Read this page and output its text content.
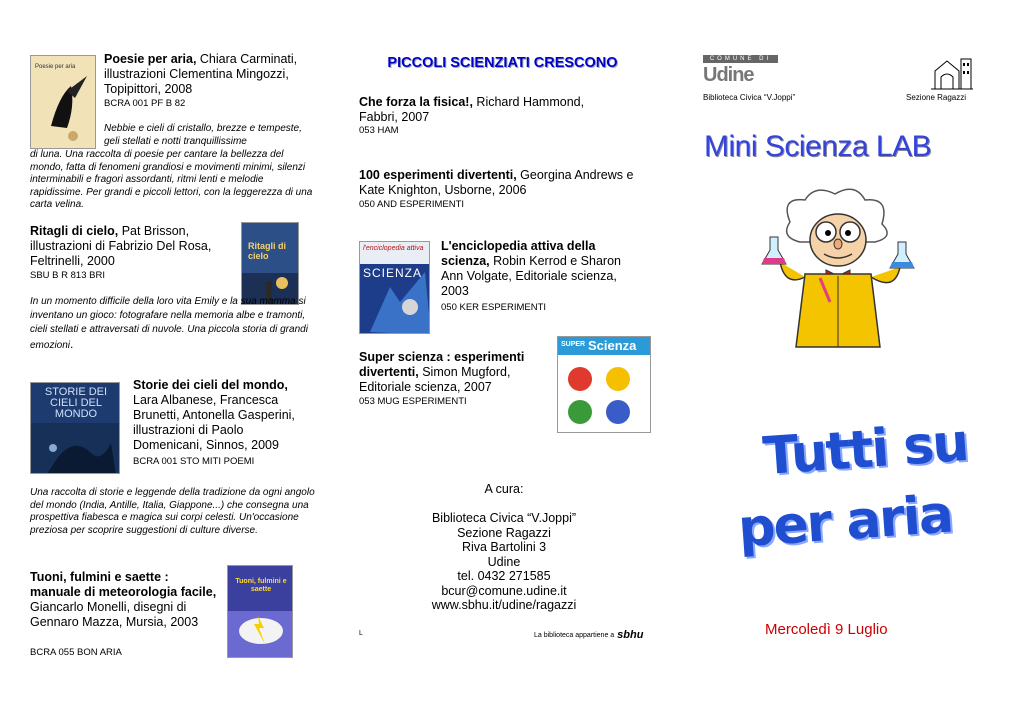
Poesie per aria
Poesie per aria, Chiara Carminati, illustrazioni Clementina Mingozzi, Topipittori, 2008
BCRA 001 PF B 82
Nebbie e cieli di cristallo, brezze e tempeste, geli stellati e notti tranquillissime
di luna. Una raccolta di poesie per cantare la bellezza del mondo, fatta di fenomeni grandiosi e movimenti minimi, silenzi interminabili e fragori assordanti, ritmi lenti e melodie rapidissime. Per grandi e piccoli lettori, con la leggerezza di una carta velina.
Ritagli di cielo, Pat Brisson, illustrazioni di Fabrizio Del Rosa, Feltrinelli, 2000
SBU B R 813 BRI
Ritagli di cielo
In un momento difficile della loro vita Emily e la sua mamma si inventano un gioco: fotografare nella memoria albe e tramonti, cieli stellati e attraversati di nuvole. Una piccola storia di grandi emozioni.
STORIE DEI CIELI DEL MONDO
Storie dei cieli del mondo, Lara Albanese, Francesca Brunetti, Antonella Gasperini, illustrazioni di Paolo Domenicani, Sinnos, 2009
BCRA 001 STO MITI POEMI
Una raccolta di storie e leggende della tradizione da ogni angolo del mondo (India, Antille, Italia, Giappone...) che consegna una prospettiva fiabesca e magica sui corpi celesti. Un'occasione preziosa per scoprire suggestioni di culture diverse.
Tuoni, fulmini e saette : manuale di meteorologia facile, Giancarlo Monelli, disegni di Gennaro Mazza, Mursia, 2003
BCRA 055 BON ARIA
Tuoni, fulmini e saette
PICCOLI SCIENZIATI CRESCONO
Che forza la fisica!, Richard Hammond, Fabbri, 2007
053 HAM
100 esperimenti divertenti, Georgina Andrews e Kate Knighton, Usborne, 2006
050 AND ESPERIMENTI
l'enciclopedia attiva
SCIENZA
L'enciclopedia attiva della scienza, Robin Kerrod e Sharon Ann Volgate, Editoriale scienza, 2003
050 KER ESPERIMENTI
Super scienza : esperimenti divertenti, Simon Mugford, Editoriale scienza, 2007
053 MUG ESPERIMENTI
SUPER Scienza
A cura:
Biblioteca Civica “V.Joppi”
Sezione Ragazzi
Riva Bartolini 3
Udine
tel. 0432 271585
bcur@comune.udine.it
www.sbhu.it/udine/ragazzi
L	La biblioteca appartiene a sbhu
COMUNE DI
Udine
Biblioteca Civica “V.Joppi”	Sezione Ragazzi
Mini Scienza LAB
Tutti su
per aria
Mercoledì 9 Luglio
